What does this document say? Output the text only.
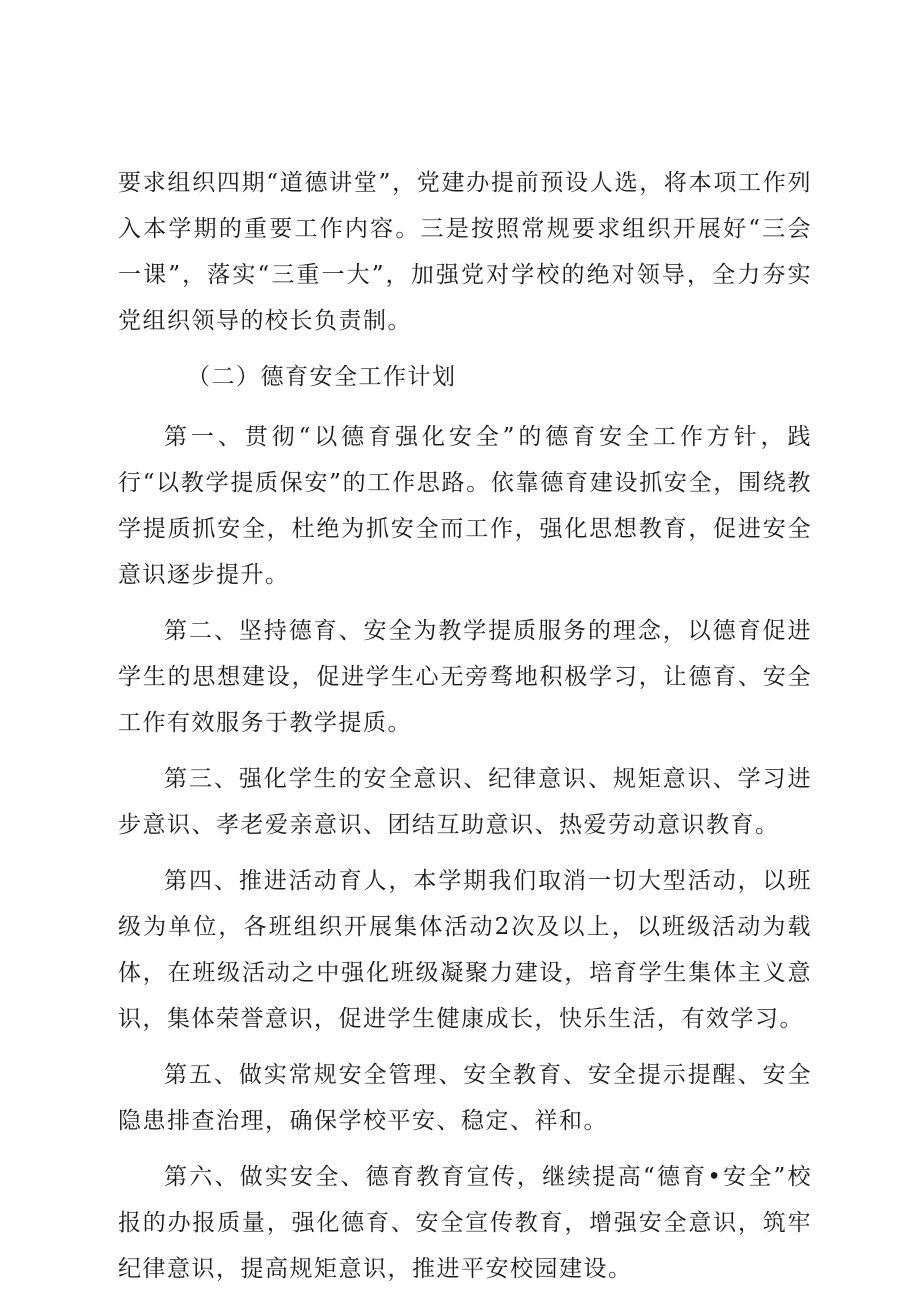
要求组织四期“道德讲堂”，党建办提前预设人选，将本项工作列入本学期的重要工作内容。三是按照常规要求组织开展好“三会一课”，落实“三重一大”，加强党对学校的绝对领导，全力夯实党组织领导的校长负责制。

（二）德育安全工作计划

第一、贯彻“以德育强化安全”的德育安全工作方针，践行“以教学提质保安”的工作思路。依靠德育建设抓安全，围绕教学提质抓安全，杜绝为抓安全而工作，强化思想教育，促进安全意识逐步提升。

第二、坚持德育、安全为教学提质服务的理念，以德育促进学生的思想建设，促进学生心无旁骛地积极学习，让德育、安全工作有效服务于教学提质。

第三、强化学生的安全意识、纪律意识、规矩意识、学习进步意识、孝老爱亲意识、团结互助意识、热爱劳动意识教育。

第四、推进活动育人，本学期我们取消一切大型活动，以班级为单位，各班组织开展集体活动2次及以上，以班级活动为载体，在班级活动之中强化班级凝聚力建设，培育学生集体主义意识，集体荣誉意识，促进学生健康成长，快乐生活，有效学习。

第五、做实常规安全管理、安全教育、安全提示提醒、安全隐患排查治理，确保学校平安、稳定、祥和。

第六、做实安全、德育教育宣传，继续提高“德育•安全”校报的办报质量，强化德育、安全宣传教育，增强安全意识，筑牢纪律意识，提高规矩意识，推进平安校园建设。
